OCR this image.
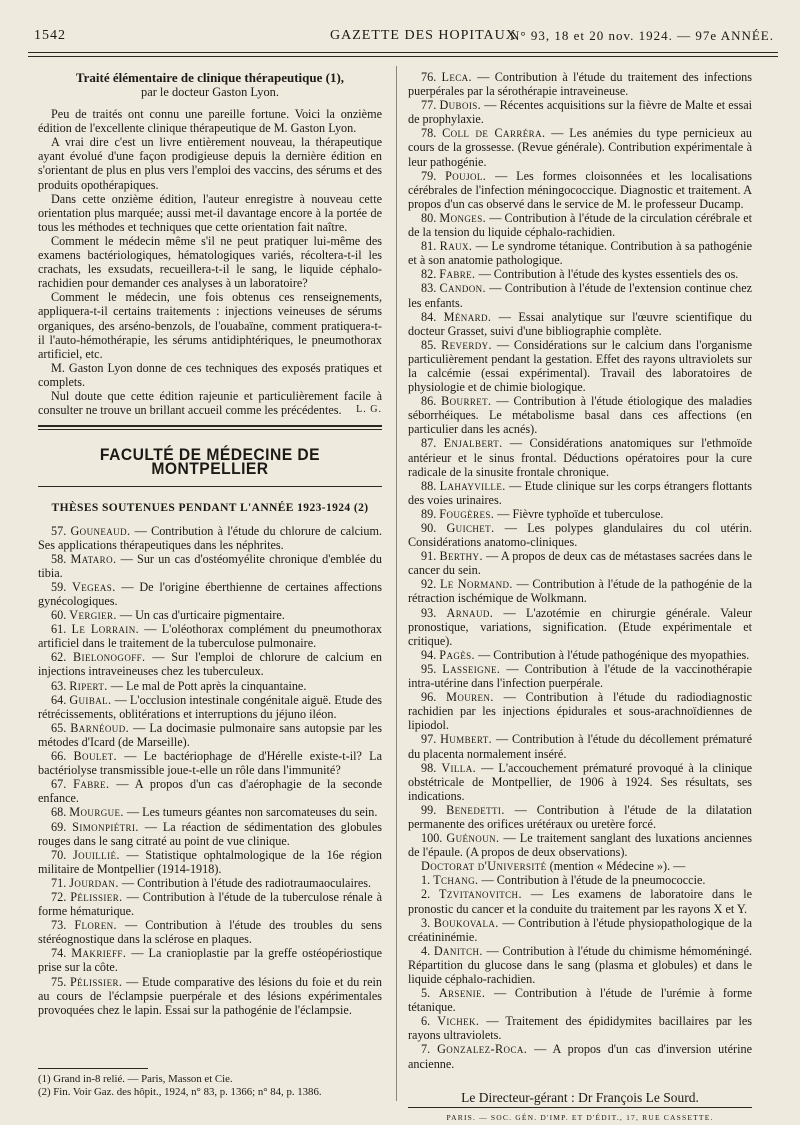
1542	GAZETTE DES HOPITAUX
N° 93, 18 et 20 nov. 1924. — 97e ANNÉE.
Traité élémentaire de clinique thérapeutique (1),
par le docteur Gaston Lyon.

Peu de traités ont connu une pareille fortune. Voici la onzième édition de l'excellente clinique thérapeutique de M. Gaston Lyon.

A vrai dire c'est un livre entièrement nouveau, la thérapeutique ayant évolué d'une façon prodigieuse depuis la dernière édition en s'orientant de plus en plus vers l'emploi des vaccins, des sérums et des produits opothérapiques.

Dans cette onzième édition, l'auteur enregistre à nouveau cette orientation plus marquée; aussi met-il davantage encore à la portée de tous les méthodes et techniques que cette orientation fait naître.

Comment le médecin même s'il ne peut pratiquer lui-même des examens bactériologiques, hématologiques variés, récoltera-t-il les crachats, les exsudats, recueillera-t-il le sang, le liquide céphalo-rachidien pour demander ces analyses à un laboratoire?

Comment le médecin, une fois obtenus ces renseignements, appliquera-t-il certains traitements : injections veineuses de sérums organiques, des arséno-benzols, de l'ouabaïne, comment pratiquera-t-il l'auto-hémothérapie, les sérums antidiphtériques, le pneumothorax artificiel, etc.

M. Gaston Lyon donne de ces techniques des exposés pratiques et complets.

Nul doute que cette édition rajeunie et particulièrement facile à consulter ne trouve un brillant accueil comme les précédentes.	L. G.
FACULTÉ DE MÉDECINE DE MONTPELLIER
THÈSES SOUTENUES PENDANT L'ANNÉE 1923-1924 (2)

57. Gouneaud. — Contribution à l'étude du chlorure de calcium. Ses applications thérapeutiques dans les néphrites.

58. Mataro. — Sur un cas d'ostéomyélite chronique d'emblée du tibia.

59. Vegeas. — De l'origine éberthienne de certaines affections gynécologiques.

60. Vergier. — Un cas d'urticaire pigmentaire.

61. Le Lorrain. — L'oléothorax complément du pneumothorax artificiel dans le traitement de la tuberculose pulmonaire.

62. Bielonogoff. — Sur l'emploi de chlorure de calcium en injections intraveineuses chez les tuberculeux.

63. Ripert. — Le mal de Pott après la cinquantaine.

64. Guibal. — L'occlusion intestinale congénitale aiguë. Etude des rétrécissements, oblitérations et interruptions du jéjuno iléon.

65. Barnéoud. — La docimasie pulmonaire sans autopsie par les métodes d'Icard (de Marseille).

66. Boulet. — Le bactériophage de d'Hérelle existe-t-il? La bactériolyse transmissible joue-t-elle un rôle dans l'immunité?

67. Fabre. — A propos d'un cas d'aérophagie de la seconde enfance.

68. Mourgue. — Les tumeurs géantes non sarcomateuses du sein.

69. Simonpiétri. — La réaction de sédimentation des globules rouges dans le sang citraté au point de vue clinique.

70. Jouillié. — Statistique ophtalmologique de la 16e région militaire de Montpellier (1914-1918).

71. Jourdan. — Contribution à l'étude des radiotraumaoculaires.

72. Pélissier. — Contribution à l'étude de la tuberculose rénale à forme hématurique.

73. Floren. — Contribution à l'étude des troubles du sens stéréognostique dans la sclérose en plaques.

74. Makrieff. — La cranioplastie par la greffe ostéopériostique prise sur la côte.

75. Pélissier. — Etude comparative des lésions du foie et du rein au cours de l'éclampsie puerpérale et des lésions expérimentales provoquées chez le lapin. Essai sur la pathogénie de l'éclampsie.

(1) Grand in-8 relié. — Paris, Masson et Cie.
(2) Fin. Voir Gaz. des hôpit., 1924, n° 83, p. 1366; n° 84, p. 1386.

76. Leca. — Contribution à l'étude du traitement des infections puerpérales par la sérothérapie intraveineuse.

77. Dubois. — Récentes acquisitions sur la fièvre de Malte et essai de prophylaxie.

78. Coll de Carréra. — Les anémies du type pernicieux au cours de la grossesse. (Revue générale). Contribution expérimentale à leur pathogénie.

79. Poujol. — Les formes cloisonnées et les localisations cérébrales de l'infection méningococcique. Diagnostic et traitement. A propos d'un cas observé dans le service de M. le professeur Ducamp.

80. Monges. — Contribution à l'étude de la circulation cérébrale et de la tension du liquide céphalo-rachidien.

81. Raux. — Le syndrome tétanique. Contribution à sa pathogénie et à son anatomie pathologique.

82. Fabre. — Contribution à l'étude des kystes essentiels des os.

83. Candon. — Contribution à l'étude de l'extension continue chez les enfants.

84. Ménard. — Essai analytique sur l'œuvre scientifique du docteur Grasset, suivi d'une bibliographie complète.

85. Reverdy. — Considérations sur le calcium dans l'organisme particulièrement pendant la gestation. Effet des rayons ultraviolets sur la calcémie (essai expérimental). Travail des laboratoires de physiologie et de chimie biologique.

86. Bourret. — Contribution à l'étude étiologique des maladies séborrhéiques. Le métabolisme basal dans ces affections (en particulier dans les acnés).

87. Enjalbert. — Considérations anatomiques sur l'ethmoïde antérieur et le sinus frontal. Déductions opératoires pour la cure radicale de la sinusite frontale chronique.

88. Lahayville. — Etude clinique sur les corps étrangers flottants des voies urinaires.

89. Fougères. — Fièvre typhoïde et tuberculose.

90. Guichet. — Les polypes glandulaires du col utérin. Considérations anatomo-cliniques.

91. Berthy. — A propos de deux cas de métastases sacrées dans le cancer du sein.

92. Le Normand. — Contribution à l'étude de la pathogénie de la rétraction ischémique de Wolkmann.

93. Arnaud. — L'azotémie en chirurgie générale. Valeur pronostique, variations, signification. (Etude expérimentale et critique).

94. Pagès. — Contribution à l'étude pathogénique des myopathies.

95. Lasseigne. — Contribution à l'étude de la vaccinothérapie intra-utérine dans l'infection puerpérale.

96. Mouren. — Contribution à l'étude du radiodiagnostic rachidien par les injections épidurales et sous-arachnoïdiennes de lipiodol.

97. Humbert. — Contribution à l'étude du décollement prématuré du placenta normalement inséré.

98. Villa. — L'accouchement prématuré provoqué à la clinique obstétricale de Montpellier, de 1906 à 1924. Ses résultats, ses indications.

99. Benedetti. — Contribution à l'étude de la dilatation permanente des orifices urétéraux ou uretère forcé.

100. Guénoun. — Le traitement sanglant des luxations anciennes de l'épaule. (A propos de deux observations).

Doctorat d'Université (mention « Médecine »). —

1. Tchang. — Contribution à l'étude de la pneumococcie.

2. Tzvitanovitch. — Les examens de laboratoire dans le pronostic du cancer et la conduite du traitement par les rayons X et Y.

3. Boukovala. — Contribution à l'étude physiopathologique de la créatininémie.

4. Danitch. — Contribution à l'étude du chimisme hémoméningé. Répartition du glucose dans le sang (plasma et globules) et dans le liquide céphalo-rachidien.

5. Arsenie. — Contribution à l'étude de l'urémie à forme tétanique.

6. Vichek. — Traitement des épididymites bacillaires par les rayons ultraviolets.

7. Gonzalez-Roca. — A propos d'un cas d'inversion utérine ancienne.

Le Directeur-gérant : Dr François Le Sourd.
PARIS. — SOC. GÉN. D'IMP. ET D'ÉDIT., 17, RUE CASSETTE.
